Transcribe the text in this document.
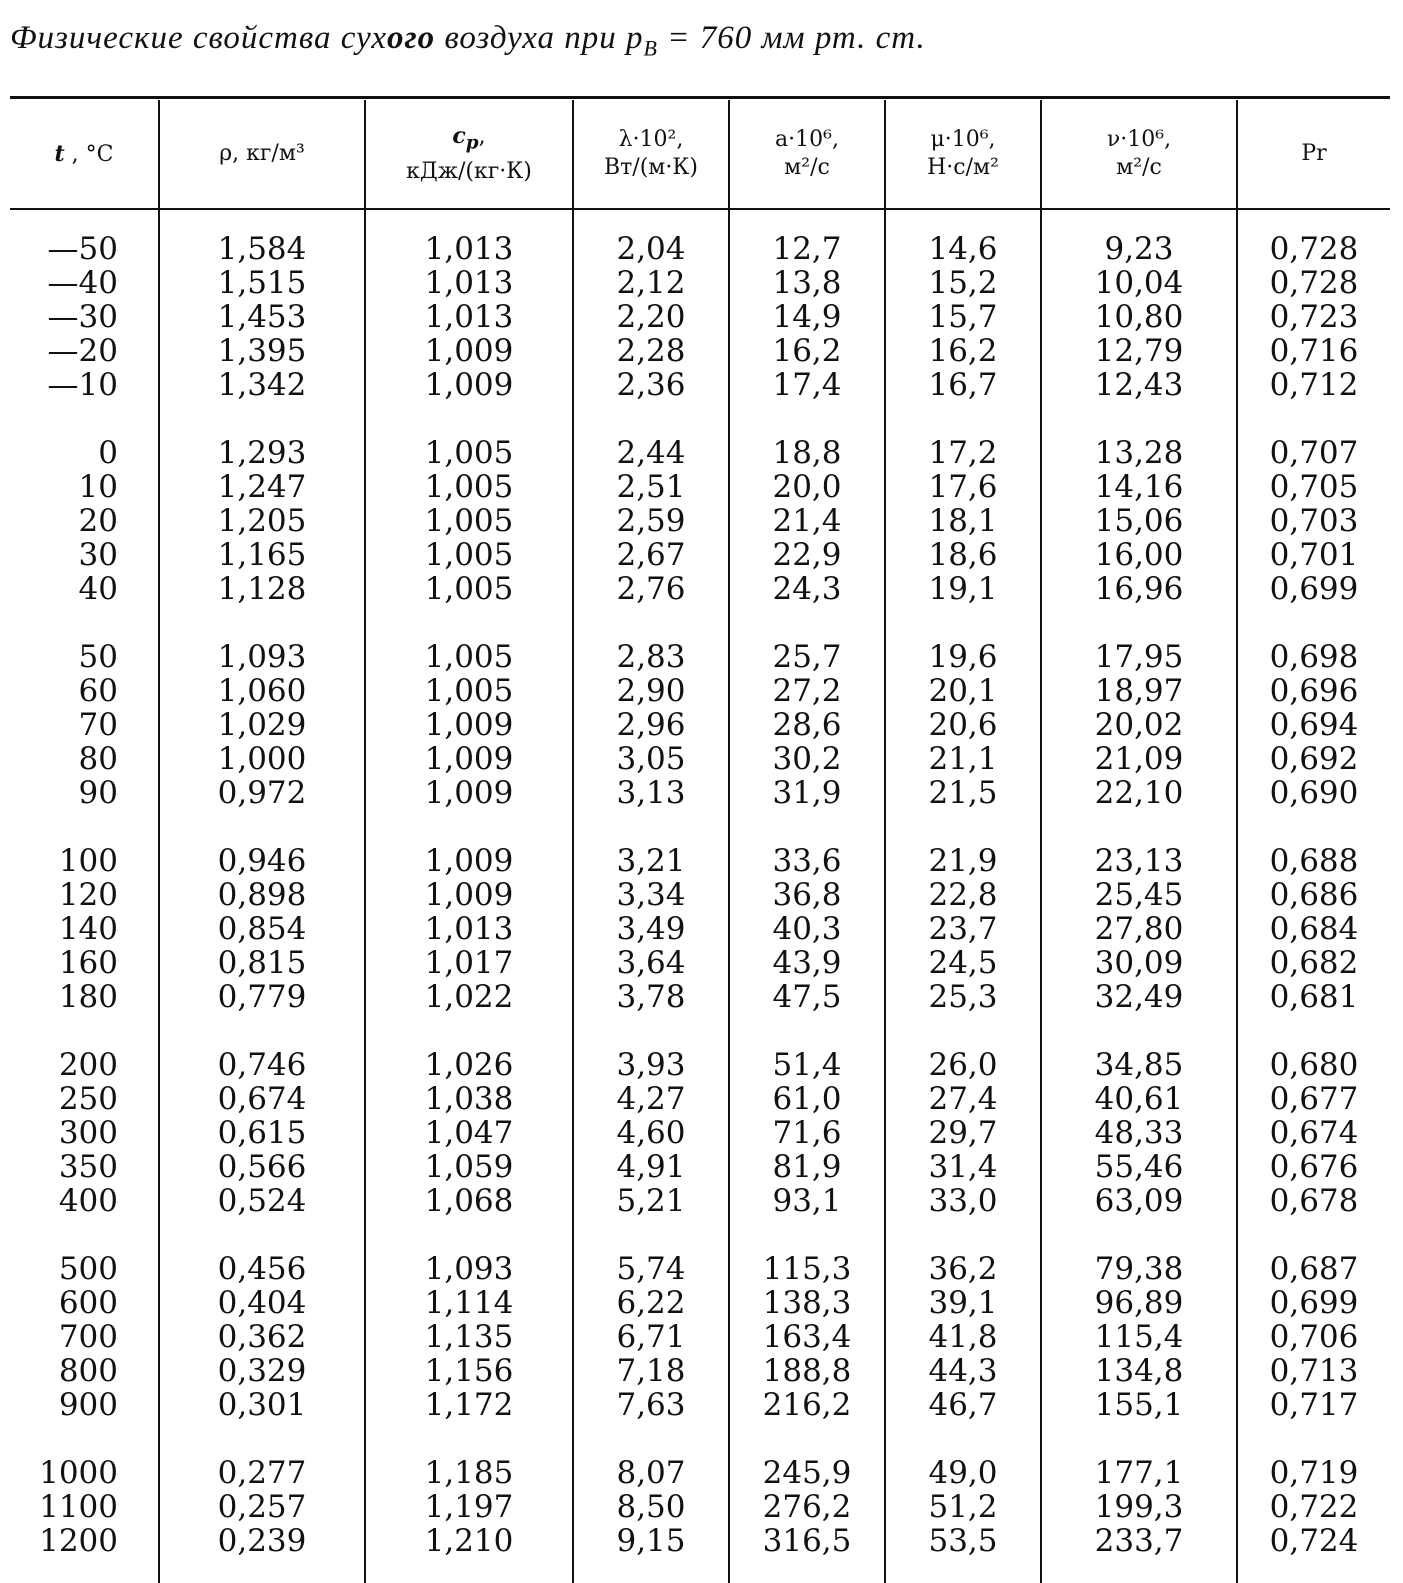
Физические свойства сухого воздуха при $p_B = 760$ мм рт. ст.
t , °C	ρ, кг/м³
$c_p$,
кДж/(кг·К)
λ·10²,
Вт/(м·К)
a·10⁶,
м²/с
μ·10⁶,
Н·с/м²
ν·10⁶,
м²/с
Pr
—50
—40
—30
—20
—10
0
10
20
30
40
50
60
70
80
90
100
120
140
160
180
200
250
300
350
400
500
600
700
800
900
1000
1100
1200
1,584
1,515
1,453
1,395
1,342
1,293
1,247
1,205
1,165
1,128
1,093
1,060
1,029
1,000
0,972
0,946
0,898
0,854
0,815
0,779
0,746
0,674
0,615
0,566
0,524
0,456
0,404
0,362
0,329
0,301
0,277
0,257
0,239
1,013
1,013
1,013
1,009
1,009
1,005
1,005
1,005
1,005
1,005
1,005
1,005
1,009
1,009
1,009
1,009
1,009
1,013
1,017
1,022
1,026
1,038
1,047
1,059
1,068
1,093
1,114
1,135
1,156
1,172
1,185
1,197
1,210
2,04
2,12
2,20
2,28
2,36
2,44
2,51
2,59
2,67
2,76
2,83
2,90
2,96
3,05
3,13
3,21
3,34
3,49
3,64
3,78
3,93
4,27
4,60
4,91
5,21
5,74
6,22
6,71
7,18
7,63
8,07
8,50
9,15
12,7
13,8
14,9
16,2
17,4
18,8
20,0
21,4
22,9
24,3
25,7
27,2
28,6
30,2
31,9
33,6
36,8
40,3
43,9
47,5
51,4
61,0
71,6
81,9
93,1
115,3
138,3
163,4
188,8
216,2
245,9
276,2
316,5
14,6
15,2
15,7
16,2
16,7
17,2
17,6
18,1
18,6
19,1
19,6
20,1
20,6
21,1
21,5
21,9
22,8
23,7
24,5
25,3
26,0
27,4
29,7
31,4
33,0
36,2
39,1
41,8
44,3
46,7
49,0
51,2
53,5
9,23
10,04
10,80
12,79
12,43
13,28
14,16
15,06
16,00
16,96
17,95
18,97
20,02
21,09
22,10
23,13
25,45
27,80
30,09
32,49
34,85
40,61
48,33
55,46
63,09
79,38
96,89
115,4
134,8
155,1
177,1
199,3
233,7
0,728
0,728
0,723
0,716
0,712
0,707
0,705
0,703
0,701
0,699
0,698
0,696
0,694
0,692
0,690
0,688
0,686
0,684
0,682
0,681
0,680
0,677
0,674
0,676
0,678
0,687
0,699
0,706
0,713
0,717
0,719
0,722
0,724
